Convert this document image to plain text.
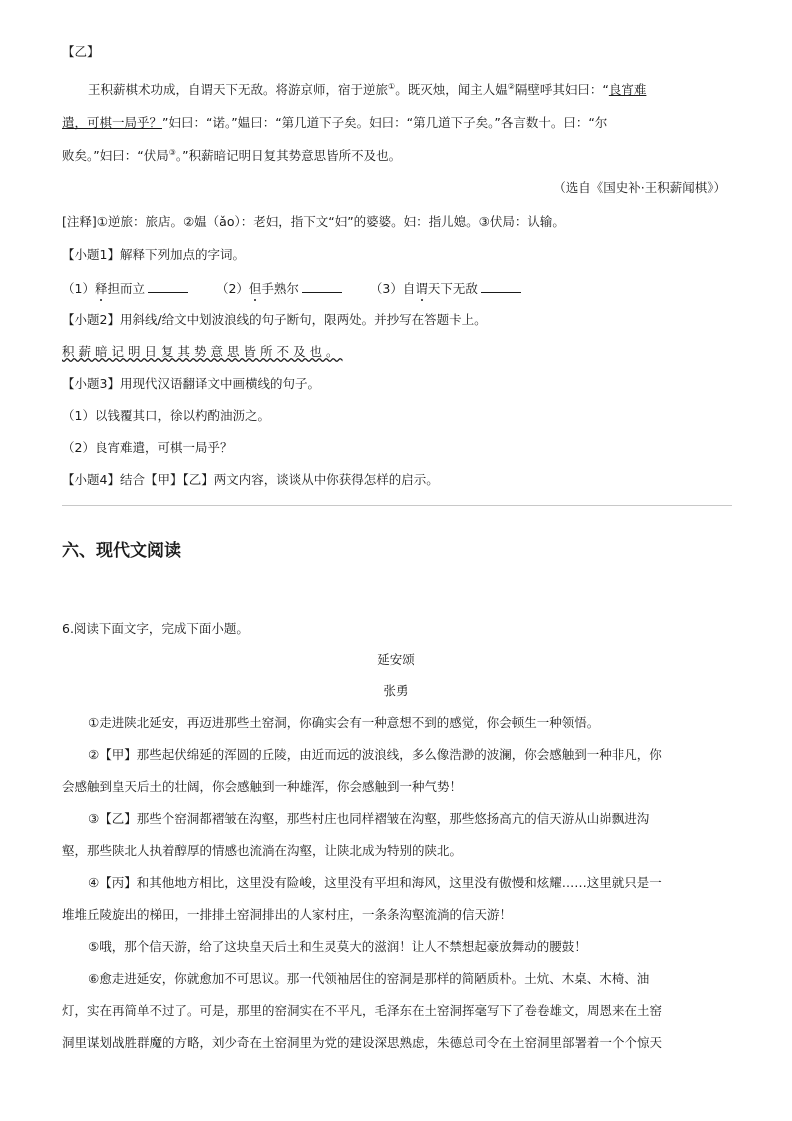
【乙】
王积薪棋术功成，自谓天下无敌。将游京师，宿于逆旅①。既灭烛，闻主人媪②隔壁呼其妇曰：“良宵难
遣，可棋一局乎？”妇曰：“诺。”媪曰：“第几道下子矣。妇曰：“第几道下子矣。”各言数十。曰：“尔
败矣。”妇曰：“伏局③。”积薪暗记明日复其势意思皆所不及也。
（选自《国史补·王积薪闻棋》）
[注释]①逆旅：旅店。②媪（ǎo）：老妇，指下文“妇”的婆婆。妇：指儿媳。③伏局：认输。
【小题1】解释下列加点的字词。
（1）释担而立	（2）但手熟尔	（3）自谓天下无敌
【小题2】用斜线/给文中划波浪线的句子断句，限两处。并抄写在答题卡上。
积薪暗记明日复其势意思皆所不及也。
【小题3】用现代汉语翻译文中画横线的句子。
（1）以钱覆其口，徐以杓酌油沥之。
（2）良宵难遣，可棋一局乎？
【小题4】结合【甲】【乙】两文内容，谈谈从中你获得怎样的启示。
六、现代文阅读
6.阅读下面文字，完成下面小题。
延安颂
张勇
①走进陕北延安，再迈进那些土窑洞，你确实会有一种意想不到的感觉，你会顿生一种领悟。
②【甲】那些起伏绵延的浑圆的丘陵，由近而远的波浪线，多么像浩渺的波澜，你会感触到一种非凡，你
会感触到皇天后土的壮阔，你会感触到一种雄浑，你会感触到一种气势！
③【乙】那些个窑洞都褶皱在沟壑，那些村庄也同样褶皱在沟壑，那些悠扬高亢的信天游从山峁飘进沟
壑，那些陕北人执着醇厚的情感也流淌在沟壑，让陕北成为特别的陕北。
④【丙】和其他地方相比，这里没有险峻，这里没有平坦和海风，这里没有傲慢和炫耀……这里就只是一
堆堆丘陵旋出的梯田，一排排土窑洞排出的人家村庄，一条条沟壑流淌的信天游！
⑤哦，那个信天游，给了这块皇天后土和生灵莫大的滋润！让人不禁想起豪放舞动的腰鼓！
⑥愈走进延安，你就愈加不可思议。那一代领袖居住的窑洞是那样的简陋质朴。土炕、木桌、木椅、油
灯，实在再简单不过了。可是，那里的窑洞实在不平凡，毛泽东在土窑洞挥毫写下了卷卷雄文，周恩来在土窑
洞里谋划战胜群魔的方略，刘少奇在土窑洞里为党的建设深思熟虑，朱德总司令在土窑洞里部署着一个个惊天
